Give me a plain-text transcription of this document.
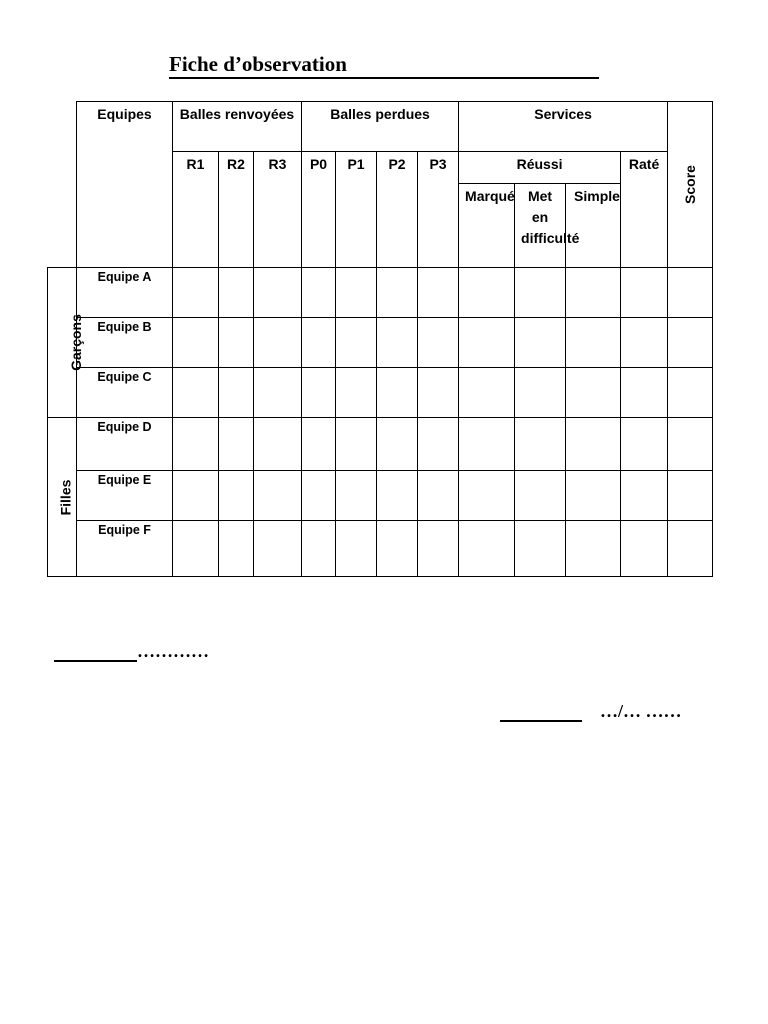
Fiche d’observation
	Equipes	Balles renvoyées			Balles perdues				Services				Score
		R1	R2	R3	P0	P1	P2	P3	Réussi			Raté	
									Marqué	Met en difficulté	Simple		
Garçons	Equipe A												
	Equipe B												
	Equipe C												
Filles	Equipe D												
	Equipe E												
	Equipe F												
…………
…/… ……
